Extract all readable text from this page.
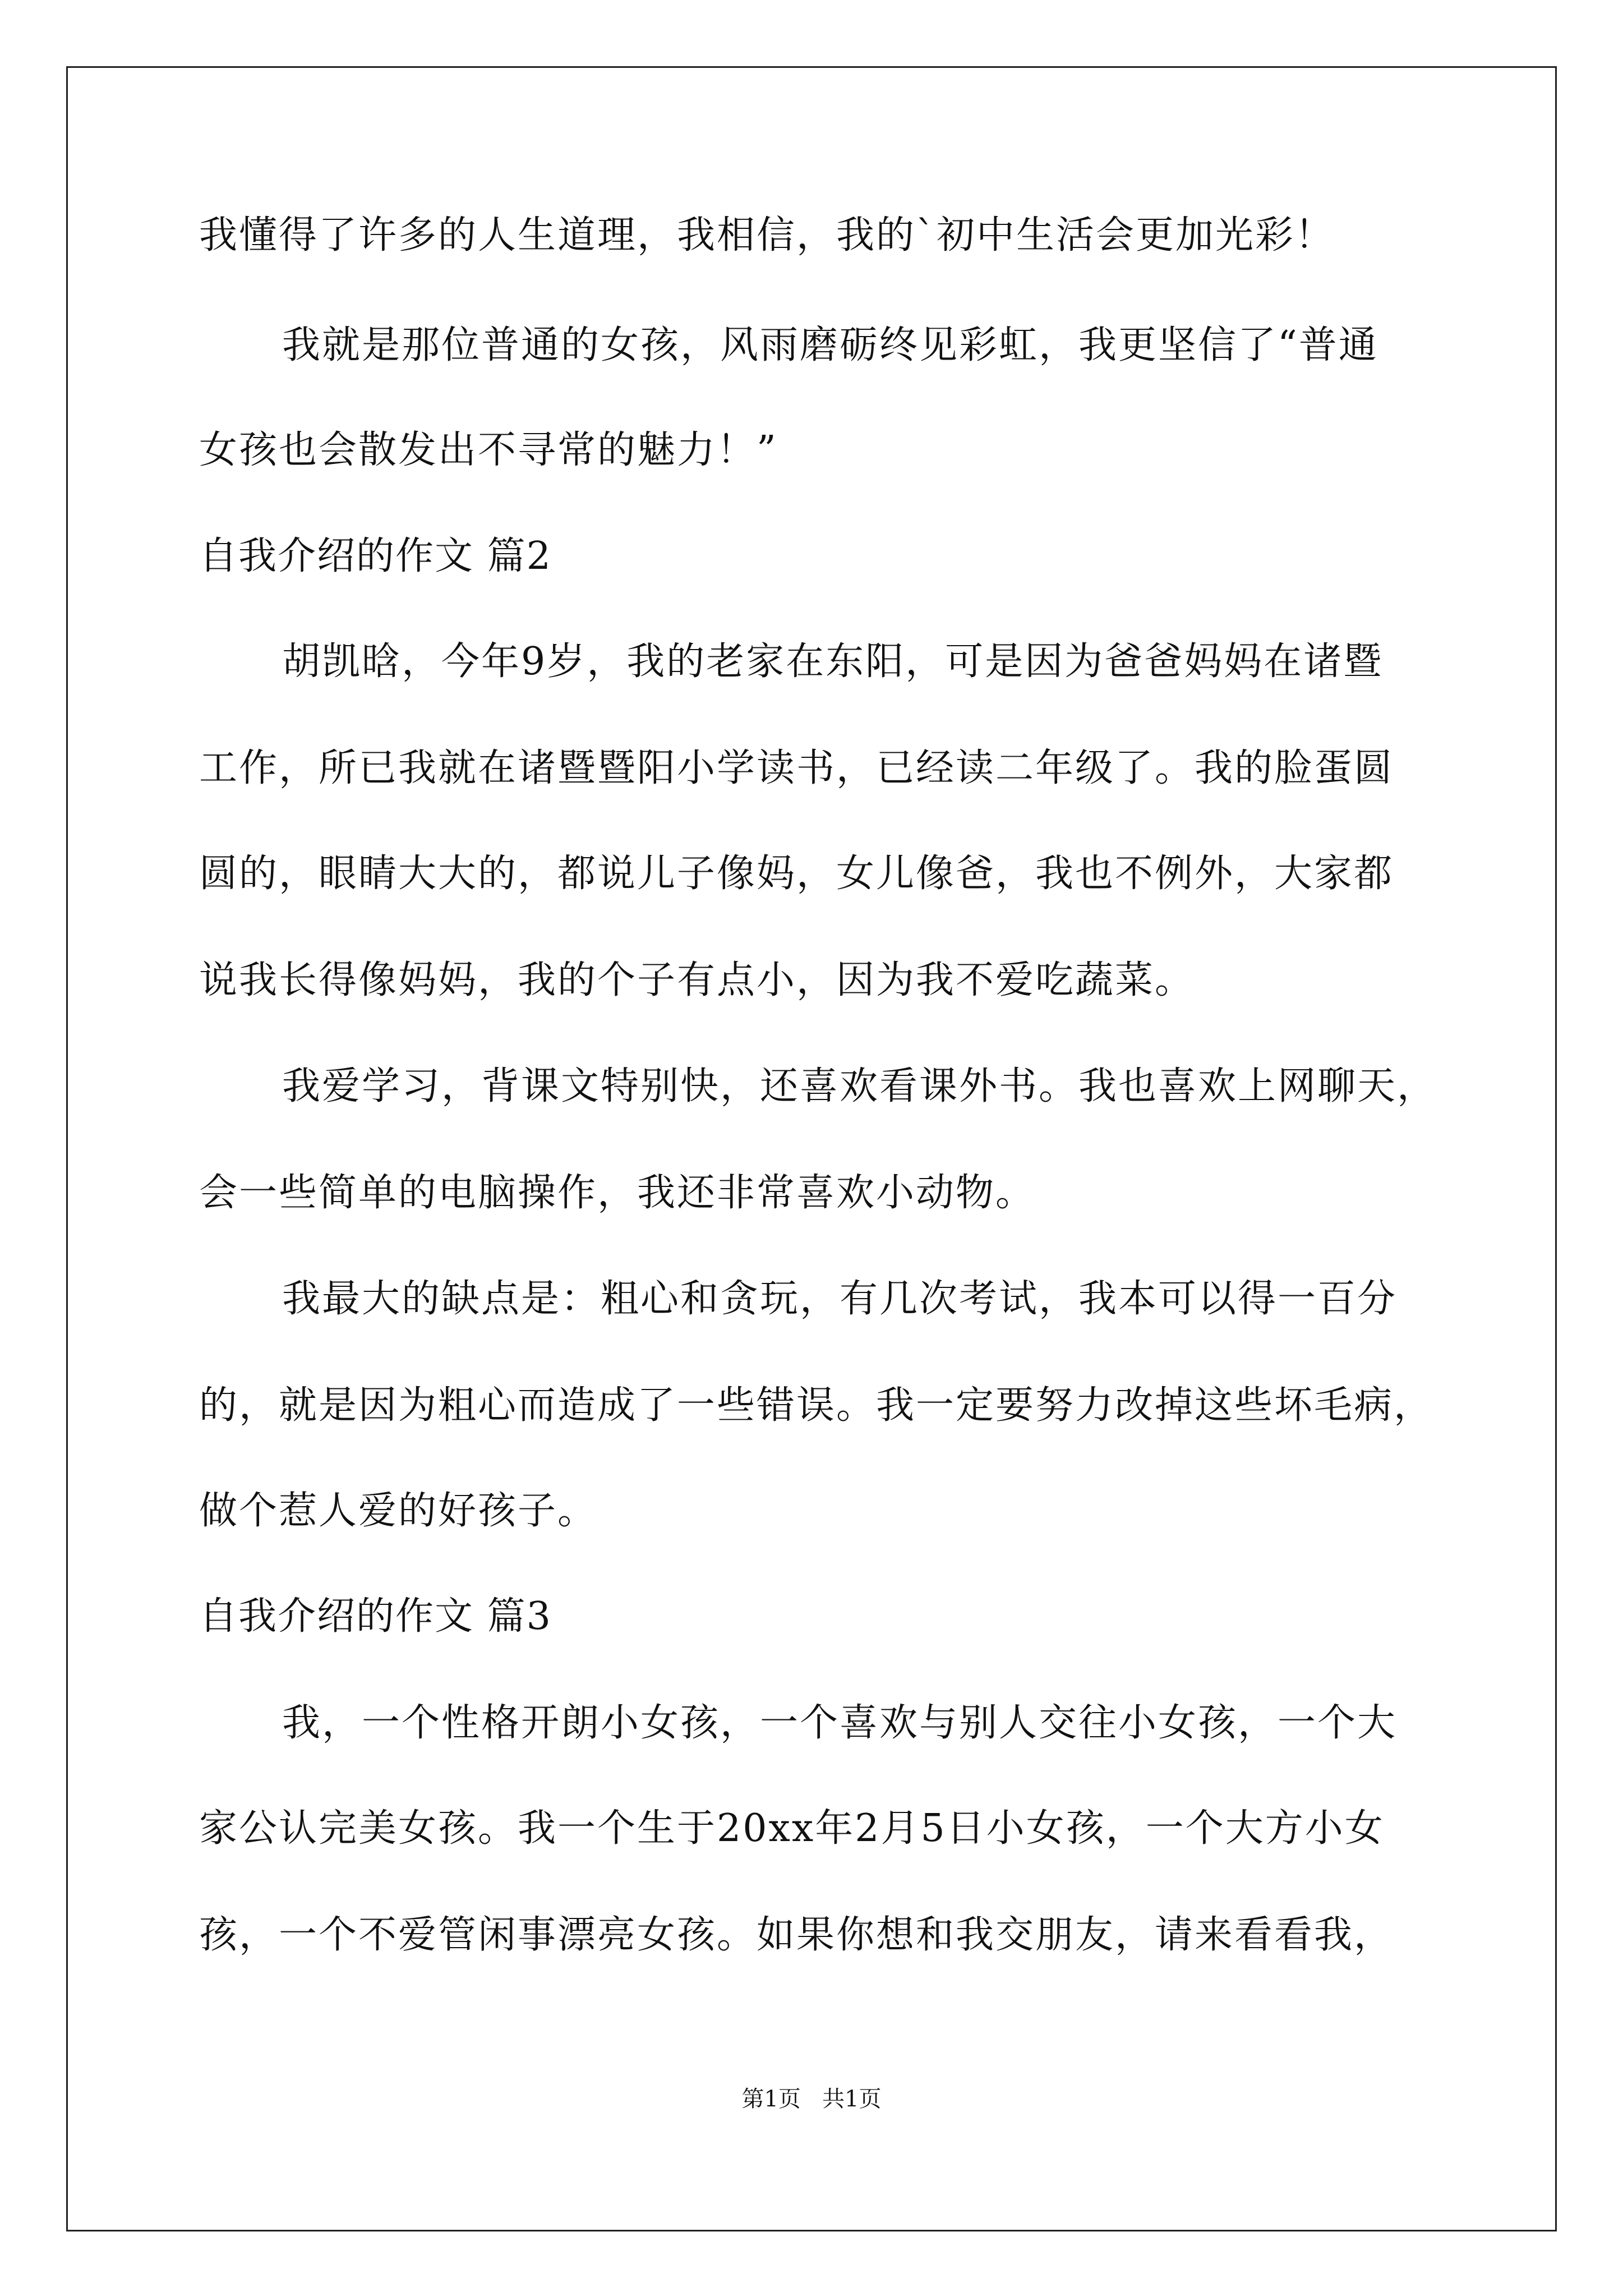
我懂得了许多的人生道理，我相信，我的`初中生活会更加光彩！
我就是那位普通的女孩，风雨磨砺终见彩虹，我更坚信了“普通
女孩也会散发出不寻常的魅力！”
自我介绍的作文 篇2
胡凯晗，今年9岁，我的老家在东阳，可是因为爸爸妈妈在诸暨
工作，所已我就在诸暨暨阳小学读书，已经读二年级了。我的脸蛋圆
圆的，眼睛大大的，都说儿子像妈，女儿像爸，我也不例外，大家都
说我长得像妈妈，我的个子有点小，因为我不爱吃蔬菜。
我爱学习，背课文特别快，还喜欢看课外书。我也喜欢上网聊天，
会一些简单的电脑操作，我还非常喜欢小动物。
我最大的缺点是：粗心和贪玩，有几次考试，我本可以得一百分
的，就是因为粗心而造成了一些错误。我一定要努力改掉这些坏毛病，
做个惹人爱的好孩子。
自我介绍的作文 篇3
我，一个性格开朗小女孩，一个喜欢与别人交往小女孩，一个大
家公认完美女孩。我一个生于20xx年2月5日小女孩，一个大方小女
孩，一个不爱管闲事漂亮女孩。如果你想和我交朋友，请来看看我，
第1页   共1页
